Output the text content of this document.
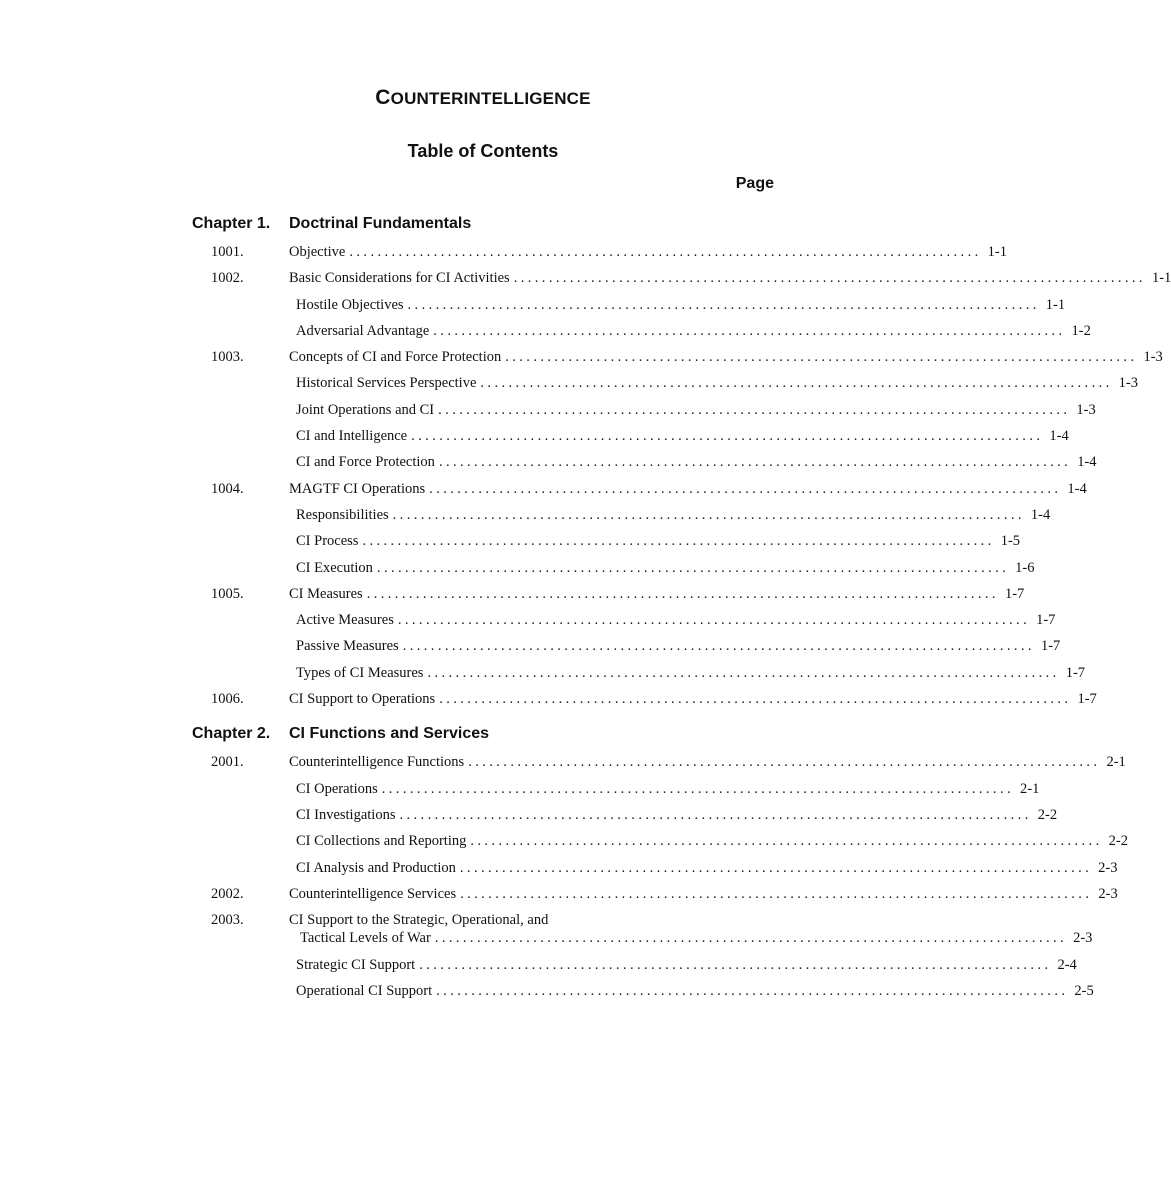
COUNTERINTELLIGENCE
Table of Contents
Page
Chapter 1. Doctrinal Fundamentals
1001.	Objective .......................................................................................... 1-1
1002.	Basic Considerations for CI Activities .......................................................................................... 1-1
Hostile Objectives .......................................................................................... 1-1
Adversarial Advantage .......................................................................................... 1-2
1003.	Concepts of CI and Force Protection .......................................................................................... 1-3
Historical Services Perspective .......................................................................................... 1-3
Joint Operations and CI .......................................................................................... 1-3
CI and Intelligence .......................................................................................... 1-4
CI and Force Protection .......................................................................................... 1-4
1004.	MAGTF CI Operations .......................................................................................... 1-4
Responsibilities .......................................................................................... 1-4
CI Process .......................................................................................... 1-5
CI Execution .......................................................................................... 1-6
1005.	CI Measures .......................................................................................... 1-7
Active Measures .......................................................................................... 1-7
Passive Measures .......................................................................................... 1-7
Types of CI Measures .......................................................................................... 1-7
1006.	CI Support to Operations .......................................................................................... 1-7
Chapter 2. CI Functions and Services
2001.	Counterintelligence Functions .......................................................................................... 2-1
CI Operations .......................................................................................... 2-1
CI Investigations .......................................................................................... 2-2
CI Collections and Reporting .......................................................................................... 2-2
CI Analysis and Production .......................................................................................... 2-3
2002.	Counterintelligence Services .......................................................................................... 2-3
2003.	CI Support to the Strategic, Operational, and
Tactical Levels of War .......................................................................................... 2-3
Strategic CI Support .......................................................................................... 2-4
Operational CI Support .......................................................................................... 2-5
